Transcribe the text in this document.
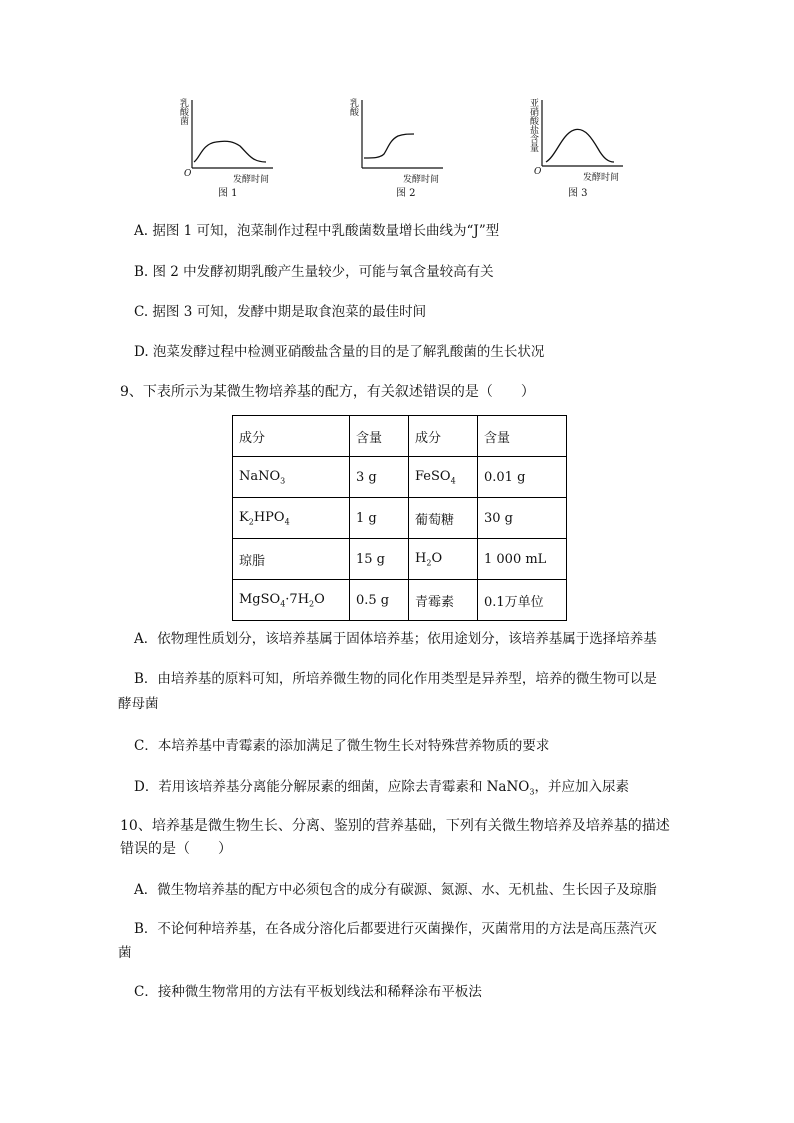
乳酸菌
O
发酵时间
图 1
乳酸
发酵时间
图 2
亚硝酸盐含量
O
发酵时间
图 3
A. 据图 1 可知，泡菜制作过程中乳酸菌数量增长曲线为“J”型
B. 图 2 中发酵初期乳酸产生量较少，可能与氧含量较高有关
C. 据图 3 可知，发酵中期是取食泡菜的最佳时间
D. 泡菜发酵过程中检测亚硝酸盐含量的目的是了解乳酸菌的生长状况
9、下表所示为某微生物培养基的配方，有关叙述错误的是（　　）
成分	含量	成分	含量
NaNO$_3$	3 g	FeSO$_4$	0.01 g
$K_2HPO_4$	1 g	葡萄糖	30 g
琼脂	15 g	$H_2O$	1 000 mL
$MgSO_4\cdot 7H_2O$	0.5 g	青霉素	0.1万单位
A．依物理性质划分，该培养基属于固体培养基；依用途划分，该培养基属于选择培养基
B．由培养基的原料可知，所培养微生物的同化作用类型是异养型，培养的微生物可以是
酵母菌
C．本培养基中青霉素的添加满足了微生物生长对特殊营养物质的要求
D．若用该培养基分离能分解尿素的细菌，应除去青霉素和 NaNO$_3$，并应加入尿素
10、培养基是微生物生长、分离、鉴别的营养基础，下列有关微生物培养及培养基的描述
错误的是（　　）
A．微生物培养基的配方中必须包含的成分有碳源、氮源、水、无机盐、生长因子及琼脂
B．不论何种培养基，在各成分溶化后都要进行灭菌操作，灭菌常用的方法是高压蒸汽灭
菌
C．接种微生物常用的方法有平板划线法和稀释涂布平板法
